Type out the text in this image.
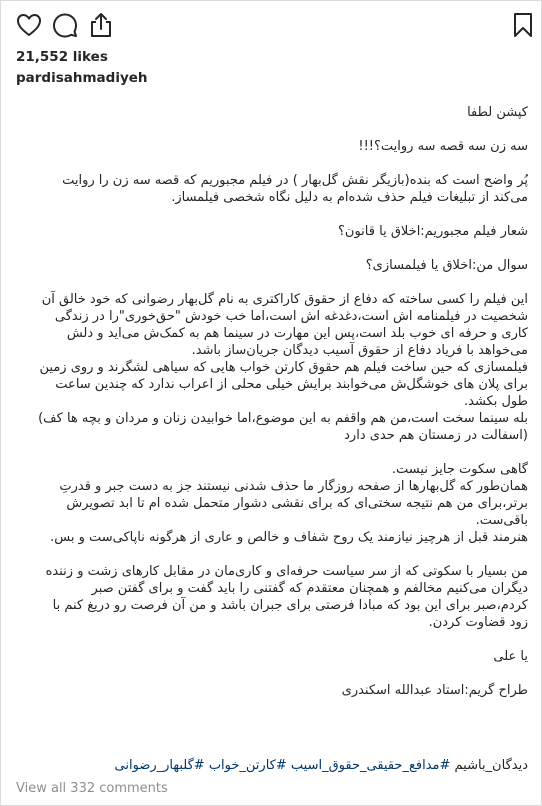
21,552 likes
pardisahmadiyeh
کپشن لطفا
سه زن سه قصه سه روایت؟!!!
پُر واضح است که بنده(بازیگر نقش گل‌بهار ) در فیلم مجبوریم که قصه سه زن را روایت
می‌کند از تبلیغات فیلم حذف شده‌ام به دلیل نگاه شخصی فیلمساز.
شعار فیلم مجبوریم:اخلاق یا قانون؟
سوال من:اخلاق یا فیلمسازی؟
این فیلم را کسی ساخته که دفاع از حقوق کاراکتری به نام گل‌بهار رضوانی که خود خالق آن
شخصیت در فیلمنامه اش است،دغدغه اش است،اما خب خودش "حق‌خوری"را در زندگی
کاری و حرفه ای خوب بلد است،پس این مهارت در سینما هم به کمک‌ش می‌اید و دلش
می‌خواهد با فریاد دفاع از حقوق آسیب دیدگان جریان‌ساز باشد.
فیلمسازی که حین ساخت فیلم هم حقوق کارتن خواب هایی که سیاهی لشگرند و روی زمین
برای پلان های خوشگل‌ش می‌خوابند برایش خیلی محلی از اعراب ندارد که چندین ساعت
طول بکشد.
بله سینما سخت است،من هم واقفم به این موضوع،اما خوابیدن زنان و مردان و بچه ها کف)
(اسفالت در زمستان هم حدی دارد
گاهی سکوت جایز نیست.
همان‌طور که گل‌بهارها از صفحه روزگار ما حذف شدنی نیستند جز به دست جبر و قدرتِ
برتر،برای من هم نتیجه سختی‌ای که برای نقشی دشوار متحمل شده ام تا ابد تصویرش
باقی‌ست.
هنرمند قبل از هرچیز نیازمند یک روح شفاف و خالص و عاری از هرگونه ناپاکی‌ست و بس.
من بسیار با سکوتی که از سر سیاست حرفه‌ای و کاری‌مان در مقابل کارهای زشت و زننده
دیگران می‌کنیم مخالفم و همچنان معتقدم که گفتنی را باید گفت و برای گفتن صبر
کردم،صبر برای این بود که مبادا فرصتی برای جبران باشد و من آن فرصت رو دریغ کنم با
زود قضاوت کردن.
یا علی
طراح گریم:استاد عبدالله اسکندری
دیدگان_باشیم #مدافع_حقیقی_حقوق_اسیب #کارتن_خواب #گلبهار_رضوانی
View all 332 comments
